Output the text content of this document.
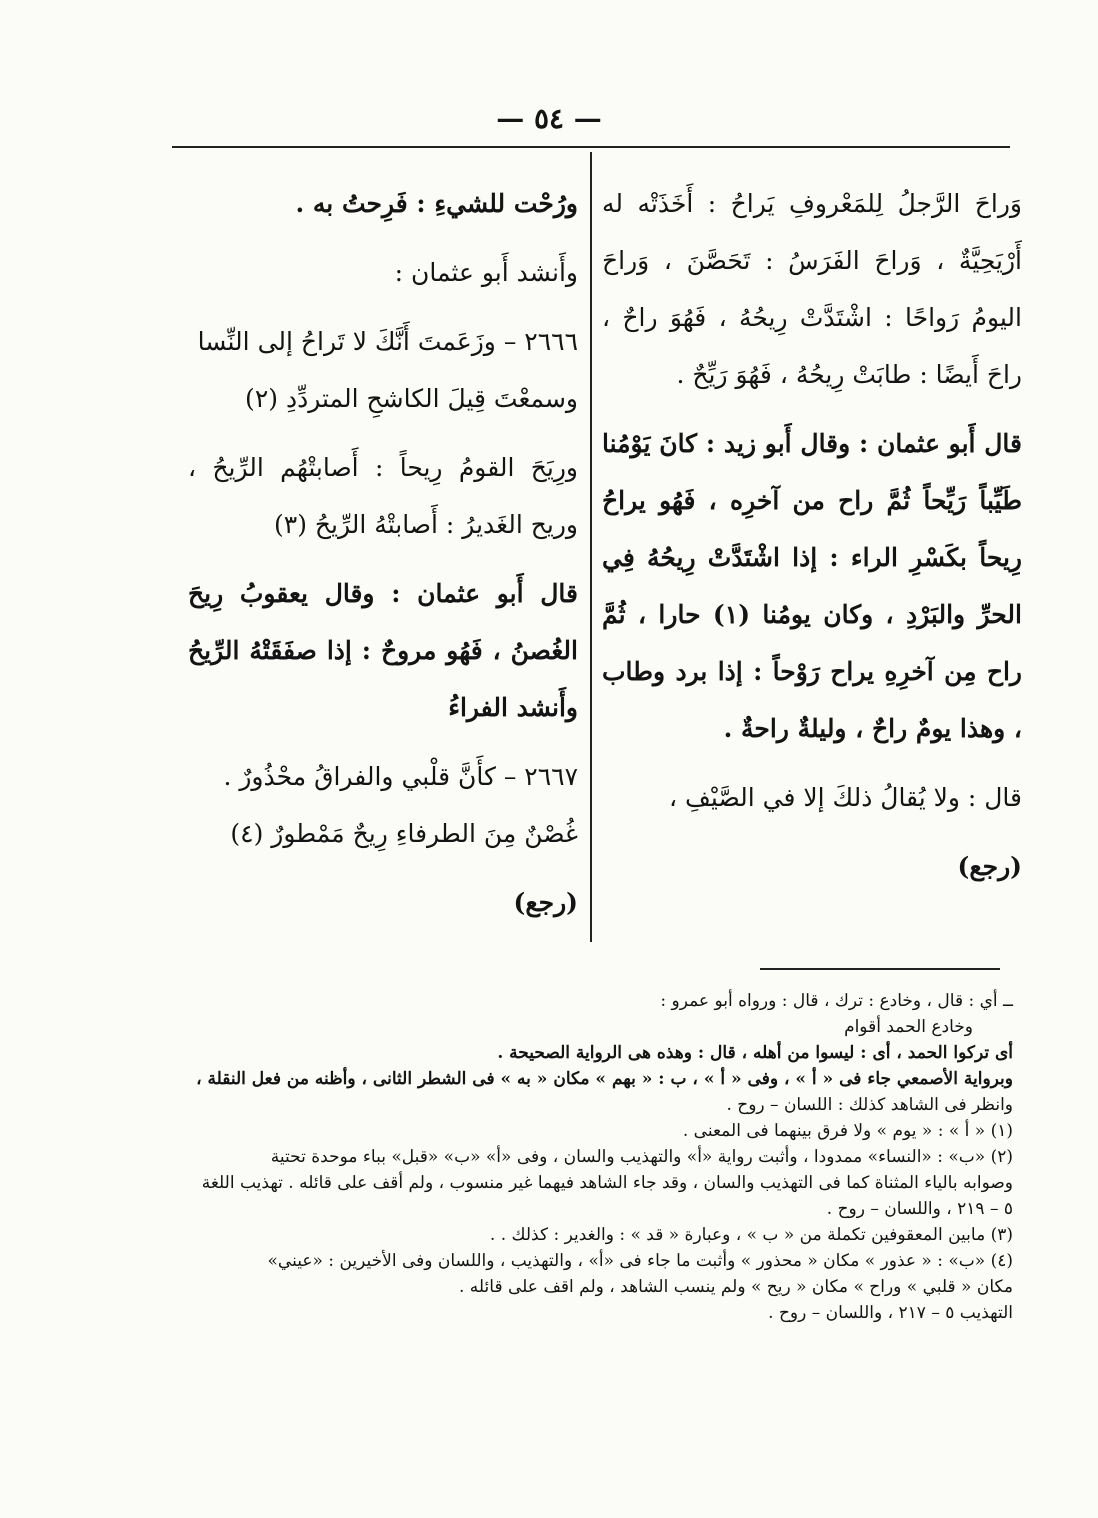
— ٥٤ —

وَراحَ الرَّجلُ لِلمَعْروفِ يَراحُ : أَخَذَتْه له أَرْيَحِيَّةٌ ، وَراحَ الفَرَسُ : تَحَصَّنَ ، وَراحَ اليومُ رَواحًا : اشْتَدَّتْ رِيحُهُ ، فَهُوَ راحٌ ، راحَ أَيضًا : طابَتْ رِيحُهُ ، فَهُوَ رَيِّحٌ .

قال أَبو عثمان : وقال أَبو زيد : كانَ يَوْمُنا طَيِّباً رَيِّحاً ثُمَّ راح من آخرِه ، فَهُو يراحُ رِيحاً بكَسْرِ الراء : إذا اشْتَدَّتْ رِيحُهُ فِي الحرِّ والبَرْدِ ، وكان يومُنا (١) حارا ، ثُمَّ راح مِن آخرِهِ يراح رَوْحاً : إذا برد وطاب ، وهذا يومٌ راحٌ ، وليلةٌ راحةٌ .

قال : ولا يُقالُ ذلكَ إلا في الصَّيْفِ ،

(رجع)

ورُحْت للشيءِ : فَرِحتُ به .

وأَنشد أَبو عثمان :

٢٦٦٦ – وزَعَمتَ أَنَّكَ لا تَراحُ إلى النِّسا

وسمعْتَ قِيلَ الكاشحِ المتردِّدِ (٢)

ورِيَحَ القومُ رِيحاً : أَصابتْهُم الرِّيحُ ، وريح الغَديرُ : أَصابتْهُ الرِّيحُ (٣)

قال أَبو عثمان : وقال يعقوبُ رِيحَ الغُصنُ ، فَهُو مروحٌ : إذا صفَقَتْهُ الرِّيحُ وأَنشد الفراءُ

٢٦٦٧ – كأَنَّ قلْبي والفراقُ محْذُورٌ .

غُصْنٌ مِنَ الطرفاءِ رِيحٌ مَمْطورٌ (٤)

(رجع)

ــ أي : قال ، وخادع : ترك ، قال : ورواه أبو عمرو :

وخادع الحمد أقوام

أى تركوا الحمد ، أى : ليسوا من أهله ، قال : وهذه هى الرواية الصحيحة .

وبرواية الأصمعي جاء فى « أ » ، وفى « أ » ، ب : « بهم » مكان « به » فى الشطر الثانى ، وأظنه من فعل النقلة ،

وانظر فى الشاهد كذلك : اللسان – روح .

(١) « أ » : « يوم » ولا فرق بينهما فى المعنى .

(٢) «ب» : «النساء» ممدودا ، وأثبت رواية «أ» والتهذيب والسان ، وفى «أ» «ب» «قبل» بباء موحدة تحتية

وصوابه بالياء المثناة كما فى التهذيب والسان ، وقد جاء الشاهد فيهما غير منسوب ، ولم أقف على قائله . تهذيب اللغة

٥ – ٢١٩ ، واللسان – روح .

(٣) مابين المعقوفين تكملة من « ب » ، وعبارة « قد » : والغدير : كذلك . .

(٤) «ب» : « عذور » مكان « محذور » وأثبت ما جاء فى «أ» ، والتهذيب ، واللسان وفى الأخيرين : «عيني»

مكان « قلبي » وراح » مكان « ريح » ولم ينسب الشاهد ، ولم اقف على قائله .

التهذيب ٥ – ٢١٧ ، واللسان – روح .
